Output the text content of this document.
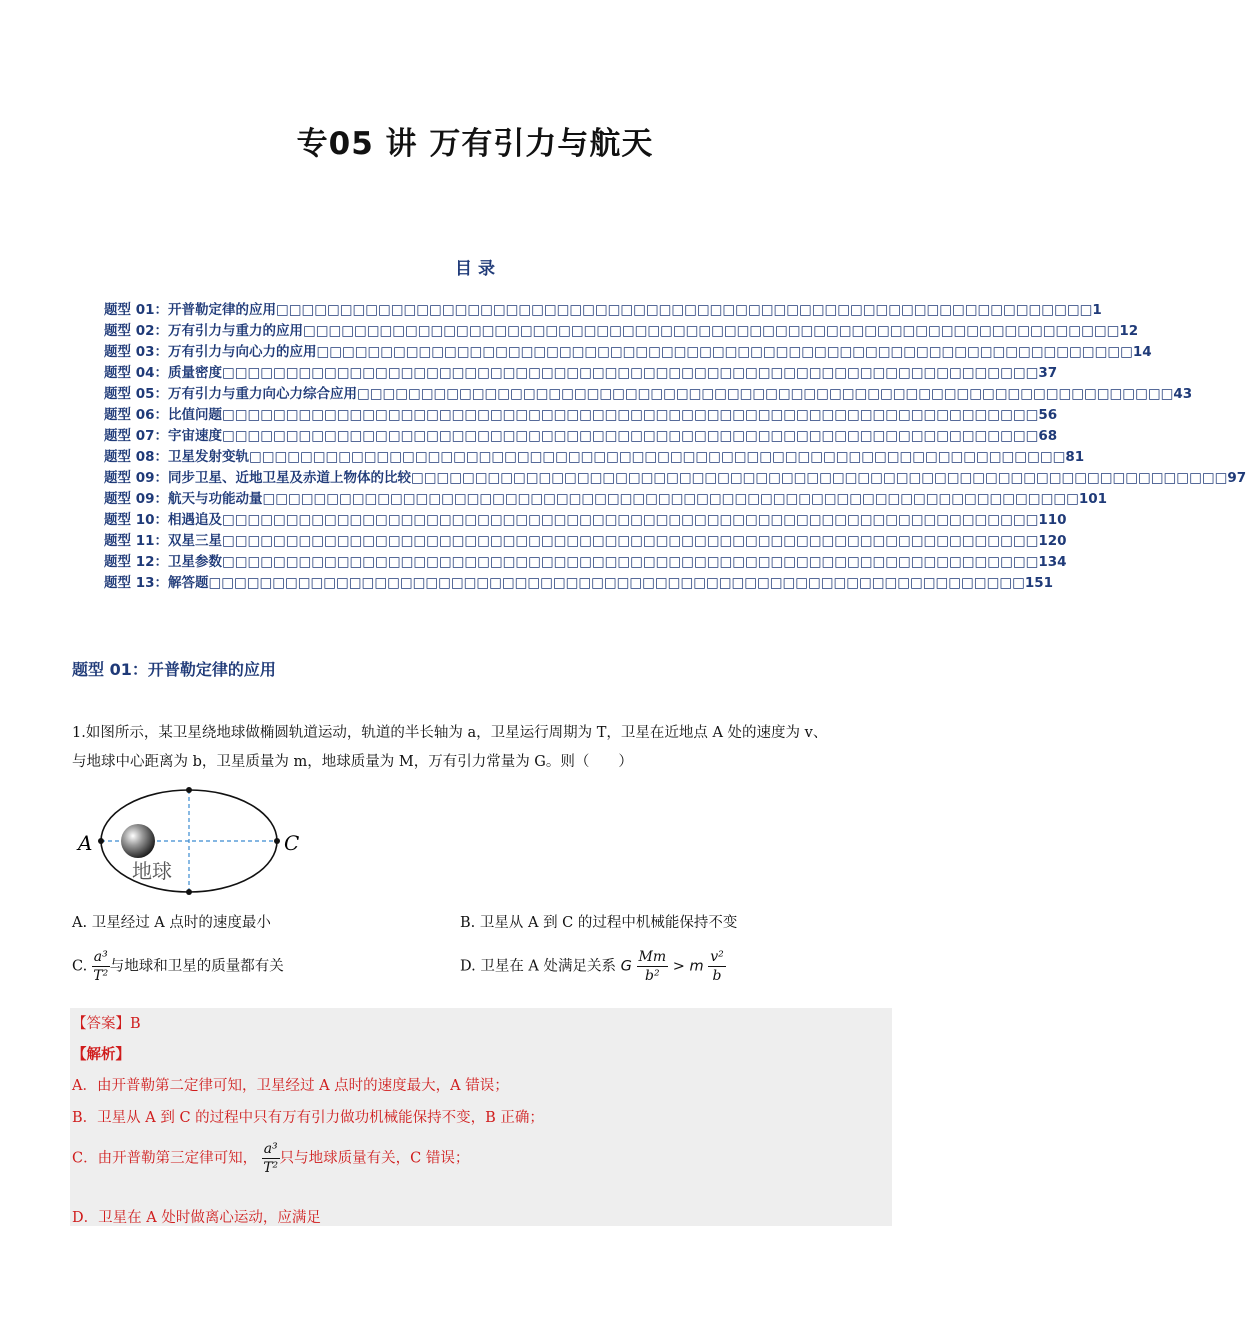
专05 讲 万有引力与航天
目 录
题型 01：开普勒定律的应用 □□□□□□□□□□□□□□□□□□□□□□□□□□□□□□□□□□□□□□□□□□□□□□□□□□□□□□□□□□□□□□□□ 1
题型 02：万有引力与重力的应用 □□□□□□□□□□□□□□□□□□□□□□□□□□□□□□□□□□□□□□□□□□□□□□□□□□□□□□□□□□□□□□□□ 12
题型 03：万有引力与向心力的应用 □□□□□□□□□□□□□□□□□□□□□□□□□□□□□□□□□□□□□□□□□□□□□□□□□□□□□□□□□□□□□□□□ 14
题型 04：质量密度 □□□□□□□□□□□□□□□□□□□□□□□□□□□□□□□□□□□□□□□□□□□□□□□□□□□□□□□□□□□□□□□□ 37
题型 05：万有引力与重力向心力综合应用 □□□□□□□□□□□□□□□□□□□□□□□□□□□□□□□□□□□□□□□□□□□□□□□□□□□□□□□□□□□□□□□□ 43
题型 06：比值问题 □□□□□□□□□□□□□□□□□□□□□□□□□□□□□□□□□□□□□□□□□□□□□□□□□□□□□□□□□□□□□□□□ 56
题型 07：宇宙速度 □□□□□□□□□□□□□□□□□□□□□□□□□□□□□□□□□□□□□□□□□□□□□□□□□□□□□□□□□□□□□□□□ 68
题型 08：卫星发射变轨 □□□□□□□□□□□□□□□□□□□□□□□□□□□□□□□□□□□□□□□□□□□□□□□□□□□□□□□□□□□□□□□□ 81
题型 09：同步卫星、近地卫星及赤道上物体的比较 □□□□□□□□□□□□□□□□□□□□□□□□□□□□□□□□□□□□□□□□□□□□□□□□□□□□□□□□□□□□□□□□ 97
题型 09：航天与功能动量 □□□□□□□□□□□□□□□□□□□□□□□□□□□□□□□□□□□□□□□□□□□□□□□□□□□□□□□□□□□□□□□□ 101
题型 10：相遇追及 □□□□□□□□□□□□□□□□□□□□□□□□□□□□□□□□□□□□□□□□□□□□□□□□□□□□□□□□□□□□□□□□ 110
题型 11：双星三星 □□□□□□□□□□□□□□□□□□□□□□□□□□□□□□□□□□□□□□□□□□□□□□□□□□□□□□□□□□□□□□□□ 120
题型 12：卫星参数 □□□□□□□□□□□□□□□□□□□□□□□□□□□□□□□□□□□□□□□□□□□□□□□□□□□□□□□□□□□□□□□□ 134
题型 13：解答题 □□□□□□□□□□□□□□□□□□□□□□□□□□□□□□□□□□□□□□□□□□□□□□□□□□□□□□□□□□□□□□□□ 151
题型 01：开普勒定律的应用
1.如图所示，某卫星绕地球做椭圆轨道运动，轨道的半长轴为 a，卫星运行周期为 T，卫星在近地点 A 处的速度为 v、
与地球中心距离为 b，卫星质量为 m，地球质量为 M，万有引力常量为 G。则（　　）
A	C
地球
A. 卫星经过 A 点时的速度最小	B. 卫星从 A 到 C 的过程中机械能保持不变
C. $\frac{\text{a³}}{\text{T²}}$ 与地球和卫星的质量都有关	D. 卫星在 A 处满足关系 G $\frac{Mm}{\text{b²}} > m \frac{\text{v²}}{b}$
【答案】B
【解析】
A．由开普勒第二定律可知，卫星经过 A 点时的速度最大，A 错误；
B．卫星从 A 到 C 的过程中只有万有引力做功机械能保持不变，B 正确；
C．由开普勒第三定律可知， $\frac{\text{a³}}{\text{T²}}$ 只与地球质量有关，C 错误；
D．卫星在 A 处时做离心运动，应满足
